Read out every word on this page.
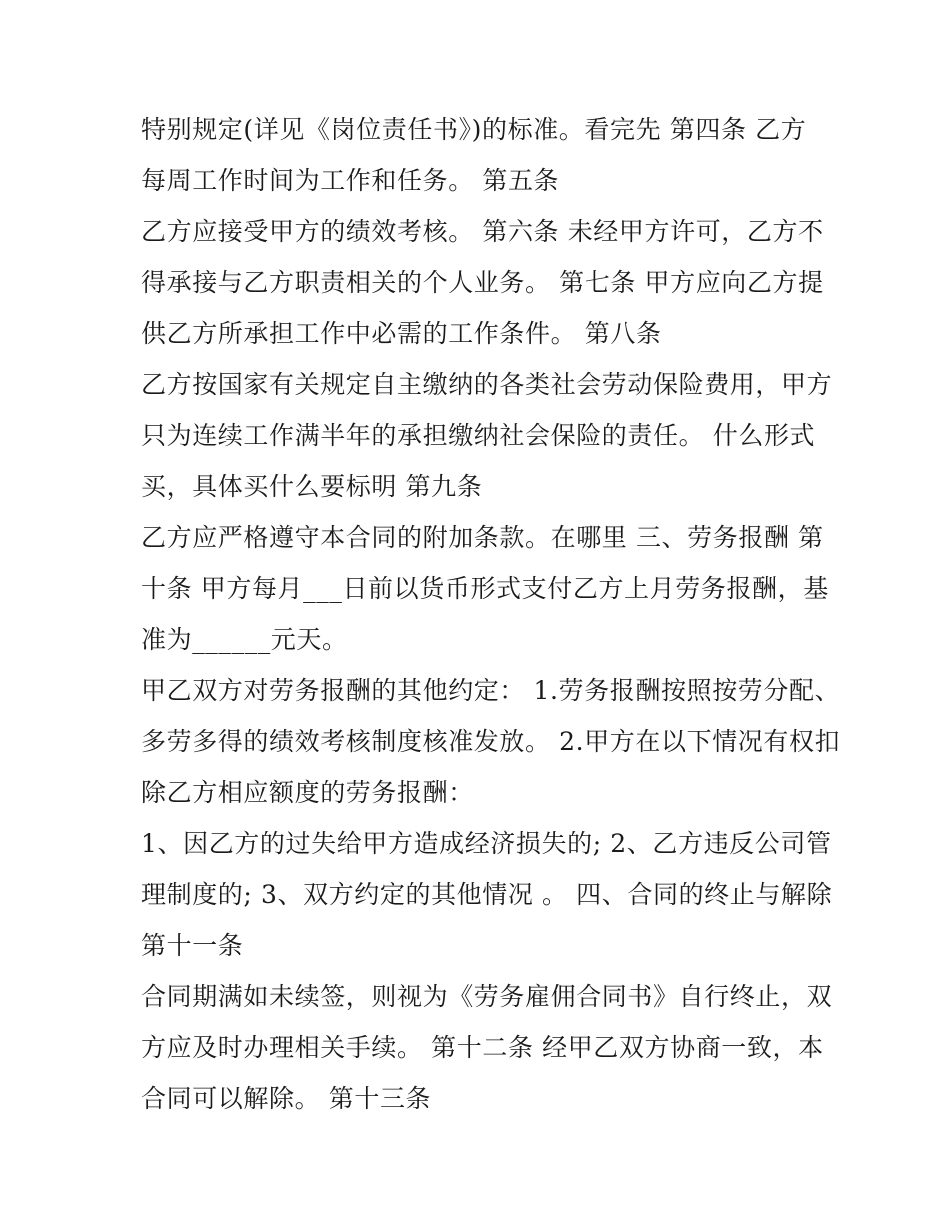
特别规定(详见《岗位责任书》)的标准。看完先 第四条 乙方
每周工作时间为工作和任务。 第五条
乙方应接受甲方的绩效考核。 第六条 未经甲方许可，乙方不
得承接与乙方职责相关的个人业务。 第七条 甲方应向乙方提
供乙方所承担工作中必需的工作条件。 第八条
乙方按国家有关规定自主缴纳的各类社会劳动保险费用，甲方
只为连续工作满半年的承担缴纳社会保险的责任。 什么形式
买，具体买什么要标明 第九条
乙方应严格遵守本合同的附加条款。在哪里 三、劳务报酬 第
十条 甲方每月___日前以货币形式支付乙方上月劳务报酬，基
准为______元天。
甲乙双方对劳务报酬的其他约定： 1.劳务报酬按照按劳分配、
多劳多得的绩效考核制度核准发放。 2.甲方在以下情况有权扣
除乙方相应额度的劳务报酬：
1、因乙方的过失给甲方造成经济损失的; 2、乙方违反公司管
理制度的; 3、双方约定的其他情况 。 四、合同的终止与解除
第十一条
合同期满如未续签，则视为《劳务雇佣合同书》自行终止，双
方应及时办理相关手续。 第十二条 经甲乙双方协商一致，本
合同可以解除。 第十三条
